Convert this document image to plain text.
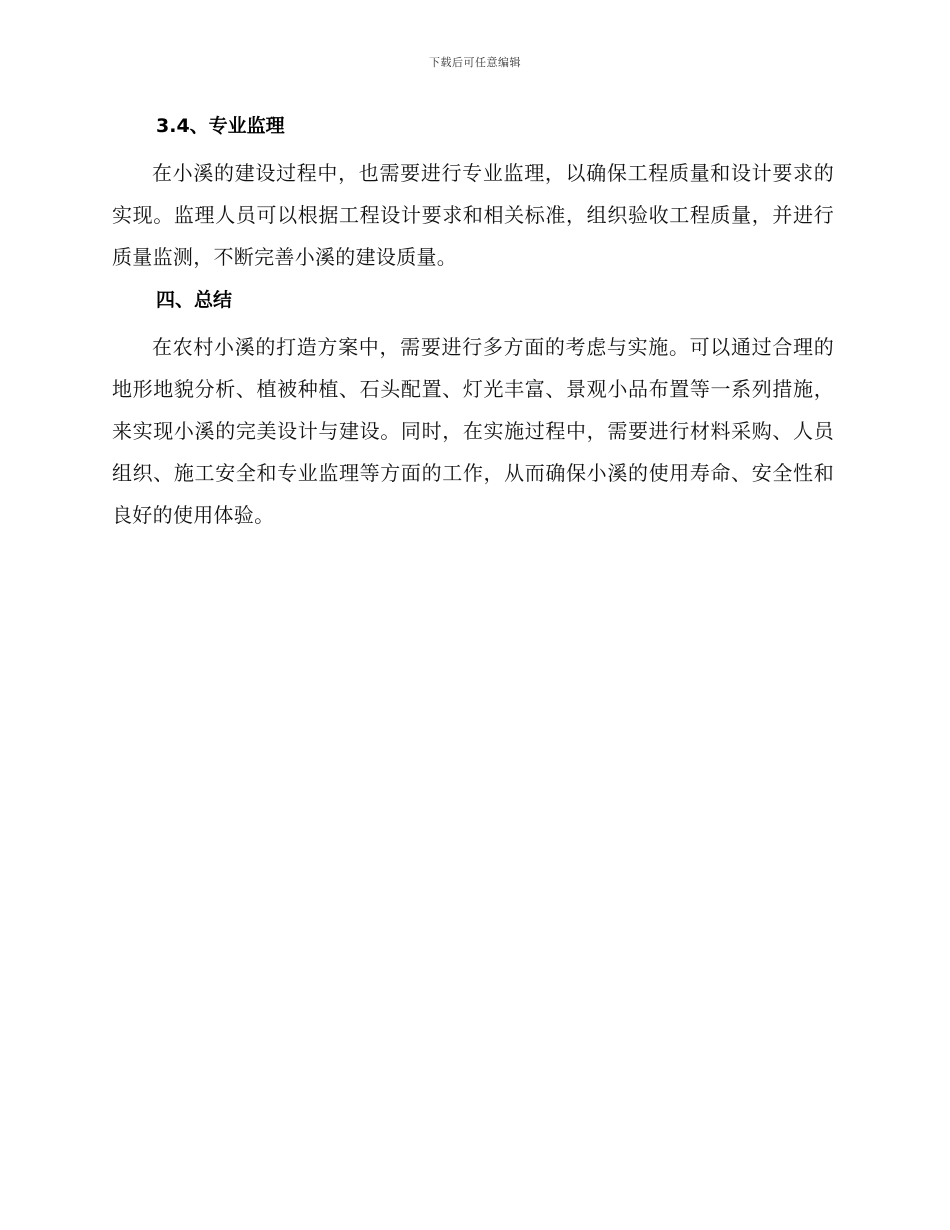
下载后可任意编辑
3.4、专业监理

在小溪的建设过程中，也需要进行专业监理，以确保工程质量和设计要求的实现。监理人员可以根据工程设计要求和相关标准，组织验收工程质量，并进行质量监测，不断完善小溪的建设质量。

四、总结

在农村小溪的打造方案中，需要进行多方面的考虑与实施。可以通过合理的地形地貌分析、植被种植、石头配置、灯光丰富、景观小品布置等一系列措施，来实现小溪的完美设计与建设。同时，在实施过程中，需要进行材料采购、人员组织、施工安全和专业监理等方面的工作，从而确保小溪的使用寿命、安全性和良好的使用体验。
